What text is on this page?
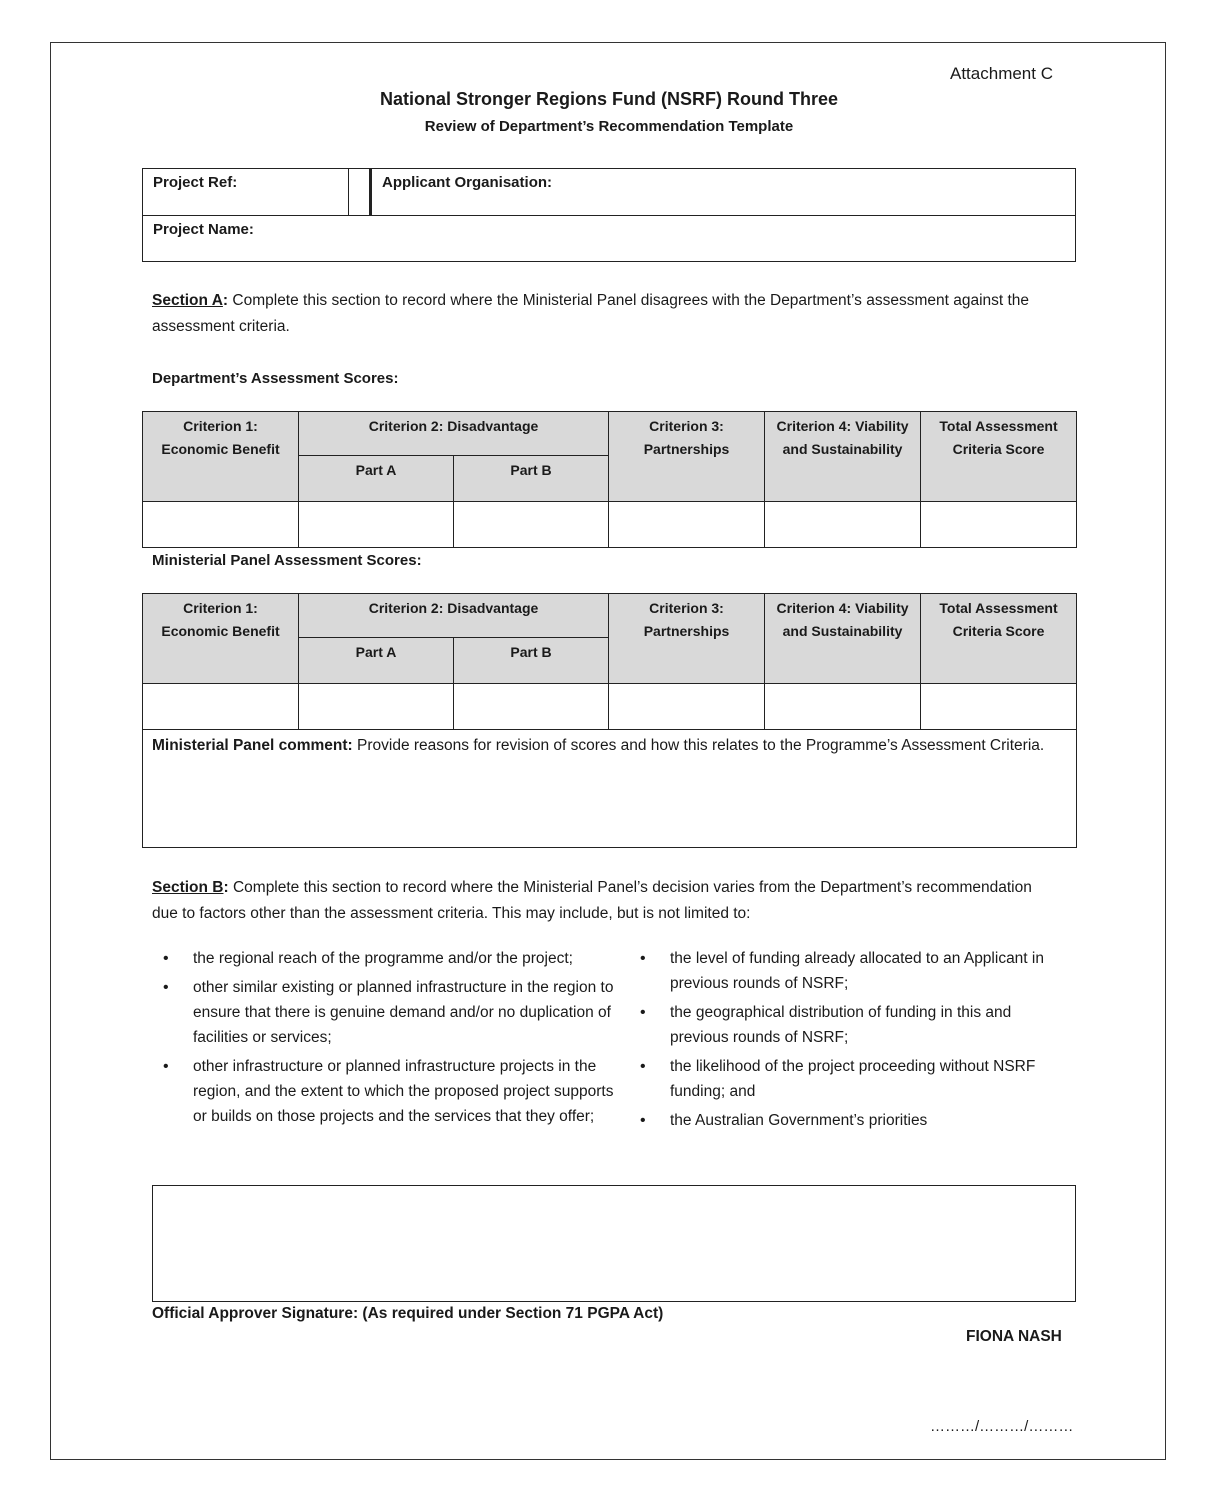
Attachment C
National Stronger Regions Fund (NSRF) Round Three
Review of Department’s Recommendation Template
Project Ref:		Applicant Organisation:
Project Name:
Section A: Complete this section to record where the Ministerial Panel disagrees with the Department’s assessment against the assessment criteria.
Department’s Assessment Scores:
Criterion 1: Economic Benefit	Criterion 2: Disadvantage		Criterion 3: Partnerships	Criterion 4: Viability and Sustainability	Total Assessment Criteria Score
	Part A	Part B			

Ministerial Panel Assessment Scores:
Criterion 1: Economic Benefit	Criterion 2: Disadvantage		Criterion 3: Partnerships	Criterion 4: Viability and Sustainability	Total Assessment Criteria Score
	Part A	Part B			

Ministerial Panel comment: Provide reasons for revision of scores and how this relates to the Programme’s Assessment Criteria.					
Section B: Complete this section to record where the Ministerial Panel’s decision varies from the Department’s recommendation due to factors other than the assessment criteria. This may include, but is not limited to:
• the regional reach of the programme and/or the project;
• other similar existing or planned infrastructure in the region to ensure that there is genuine demand and/or no duplication of facilities or services;
• other infrastructure or planned infrastructure projects in the region, and the extent to which the proposed project supports or builds on those projects and the services that they offer;
• the level of funding already allocated to an Applicant in previous rounds of NSRF;
• the geographical distribution of funding in this and previous rounds of NSRF;
• the likelihood of the project proceeding without NSRF funding; and
• the Australian Government’s priorities
Official Approver Signature: (As required under Section 71 PGPA Act)
FIONA NASH
………/………/………
